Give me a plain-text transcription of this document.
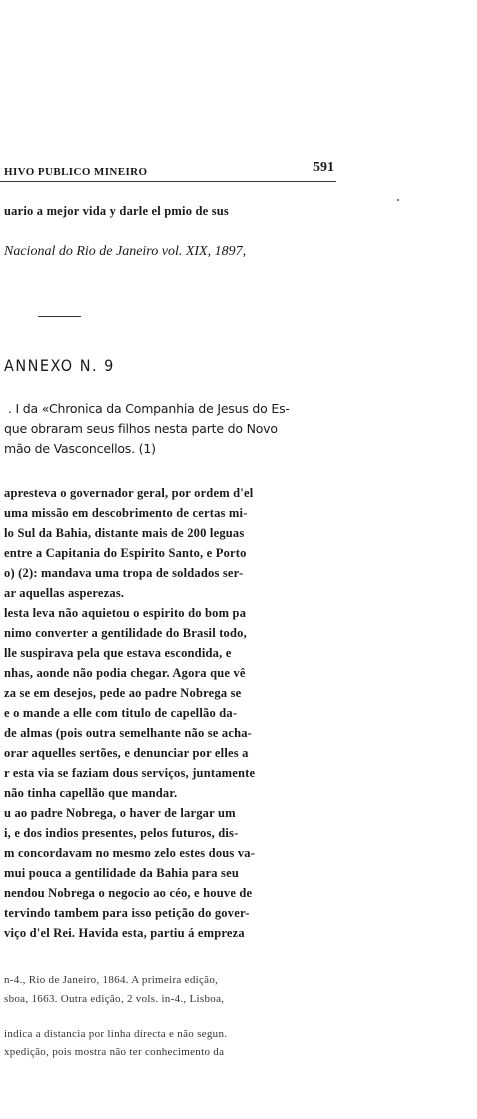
HIVO PUBLICO MINEIRO	591
uario a mejor vida y darle el pmio de sus
Nacional do Rio de Janeiro vol. XIX, 1897,
ANNEXO N. 9
. I da «Chronica da Companhia de Jesus do Es-
que obraram seus filhos nesta parte do Novo
mão de Vasconcellos. (1)
apresteva o governador geral, por ordem d'el
uma missão em descobrimento de certas mi-
lo Sul da Bahia, distante mais de 200 leguas
entre a Capitania do Espirito Santo, e Porto
o) (2): mandava uma tropa de soldados ser-
ar aquellas asperezas.
lesta leva não aquietou o espirito do bom pa
nimo converter a gentilidade do Brasil todo,
lle suspirava pela que estava escondida, e
nhas, aonde não podia chegar. Agora que vê
za se em desejos, pede ao padre Nobrega se
e o mande a elle com titulo de capellão da-
de almas (pois outra semelhante não se acha-
orar aquelles sertões, e denunciar por elles a
r esta via se faziam dous serviços, juntamente
não tinha capellão que mandar.
u ao padre Nobrega, o haver de largar um
i, e dos indios presentes, pelos futuros, dis-
m concordavam no mesmo zelo estes dous va-
mui pouca a gentilidade da Bahia para seu
nendou Nobrega o negocio ao céo, e houve de
tervindo tambem para isso petição do gover-
viço d'el Rei. Havida esta, partiu á empreza
n-4., Rio de Janeiro, 1864. A primeira edição,
sboa, 1663. Outra edição, 2 vols. in-4., Lisboa,
indica a distancia por linha directa e não segun.
xpedição, pois mostra não ter conhecimento da
